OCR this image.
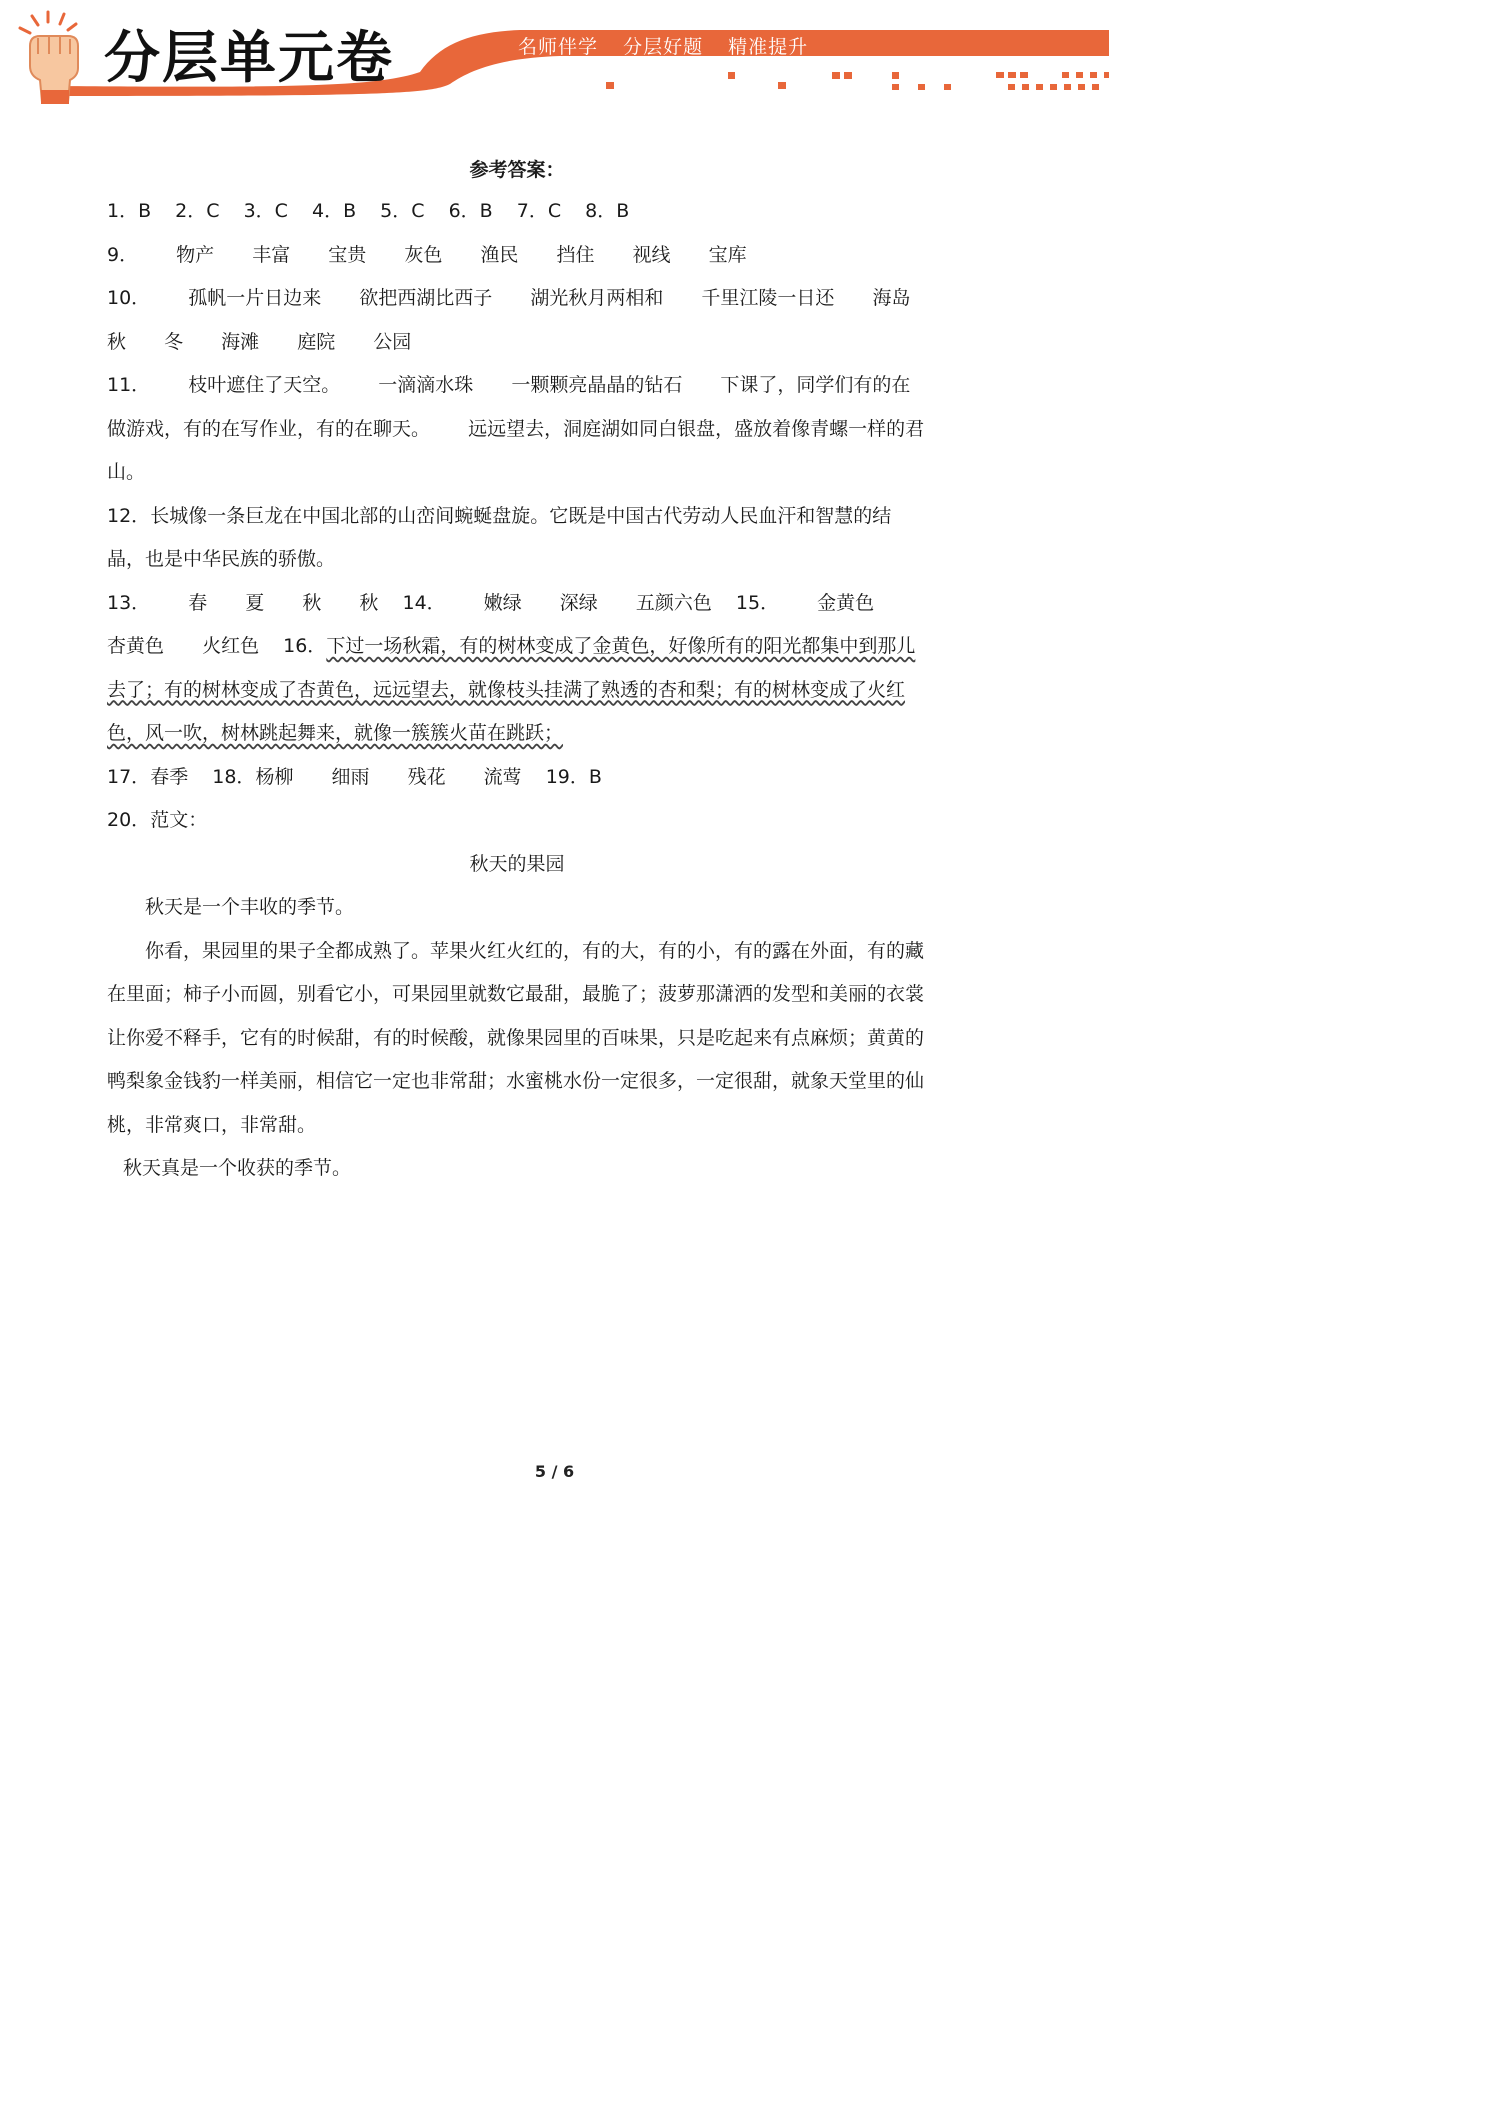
分层单元卷	名师伴学 分层好题 精准提升
参考答案：
1．B 2．C 3．C 4．B 5．C 6．B 7．C 8．B
9． 物产 丰富 宝贵 灰色 渔民 挡住 视线 宝库
10． 孤帆一片日边来 欲把西湖比西子 湖光秋月两相和 千里江陵一日还 海岛
秋 冬 海滩 庭院 公园
11． 枝叶遮住了天空。 一滴滴水珠 一颗颗亮晶晶的钻石 下课了，同学们有的在做游戏，有的在写作业，有的在聊天。 远远望去，洞庭湖如同白银盘，盛放着像青螺一样的君山。
12．长城像一条巨龙在中国北部的山峦间蜿蜒盘旋。它既是中国古代劳动人民血汗和智慧的结晶，也是中华民族的骄傲。
13． 春 夏 秋 秋 14． 嫩绿 深绿 五颜六色 15． 金黄色 杏黄色 火红色 16．下过一场秋霜，有的树林变成了金黄色，好像所有的阳光都集中到那儿去了；有的树林变成了杏黄色，远远望去，就像枝头挂满了熟透的杏和梨；有的树林变成了火红色，风一吹，树林跳起舞来，就像一簇簇火苗在跳跃；
17．春季 18．杨柳 细雨 残花 流莺 19．B
20．范文：
秋天的果园
秋天是一个丰收的季节。
你看，果园里的果子全都成熟了。苹果火红火红的，有的大，有的小，有的露在外面，有的藏在里面；柿子小而圆，别看它小，可果园里就数它最甜，最脆了；菠萝那潇洒的发型和美丽的衣裳让你爱不释手，它有的时候甜，有的时候酸，就像果园里的百味果，只是吃起来有点麻烦；黄黄的鸭梨象金钱豹一样美丽，相信它一定也非常甜；水蜜桃水份一定很多，一定很甜，就象天堂里的仙桃，非常爽口，非常甜。
秋天真是一个收获的季节。
5 / 6
